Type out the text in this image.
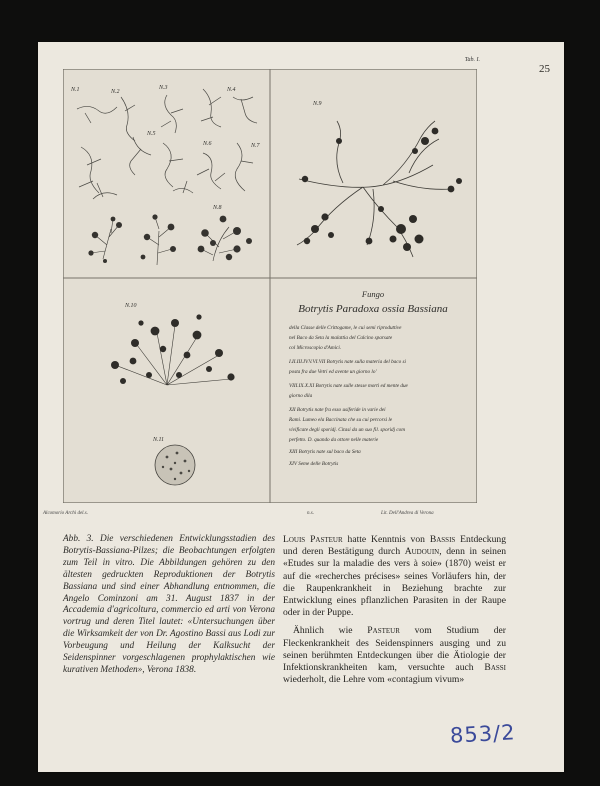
25
N.1	N.2
N.3	N.4
N.5
N.6	N.7
N.8
N.9
N.10
N.11
Fungo
Botrytis Paradoxa ossia Bassiana
della Classe delle Crittogame, le cui semi riproduttive
nel Baco da Seta la malattia del Calcino sparsate
col Microscopio d'Amici.
I.II.III.IV.V.VI.VII Botrytis nate sulla materia del baco si
posta fra due Vetri ed avente un giorno lo'
VIII.IX.X.XI Botrytis nate sulle stesse morti ed mente due
giorno dila
XII Botrytis nate fra esso usiferide in varie dei
Rami. Lumeo ela Baccinata che su cui percorsi le
vivificate degli sporidj. Citasi da un suo fil. sporidj com
perfetto. D. quando da ottore nelle materie
XIII Botrytis nate sul baco da Seta
XIV Seme delle Botrytis
Tab. I.
Alcomorio Archi del.s.	n.s.	Lit. Dell'Andrea di Verona
Abb. 3. Die verschiedenen Entwicklungsstadien des Botrytis-Bassiana-Pilzes; die Beobachtungen erfolgten zum Teil in vitro. Die Abbildungen gehören zu den ältesten gedruckten Reproduktionen der Botrytis Bassiana und sind einer Abhandlung entnommen, die Angelo Cominzoni am 31. August 1837 in der Accademia d'agricoltura, commercio ed arti von Verona vortrug und deren Titel lautet: «Untersuchungen über die Wirksamkeit der von Dr. Agostino Bassi aus Lodi zur Vorbeugung und Heilung der Kalksucht der Seidenspinner vorgeschlagenen prophylaktischen wie kurativen Methoden», Verona 1838.

Louis Pasteur hatte Kenntnis von Bassis Entdeckung und deren Bestätigung durch Audouin, denn in seinen «Etudes sur la maladie des vers à soie» (1870) weist er auf die «recherches précises» seines Vorläufers hin, der die Raupenkrankheit in Beziehung brachte zur Entwicklung eines pflanzlichen Parasiten in der Raupe oder in der Puppe.

Ähnlich wie Pasteur vom Studium der Fleckenkrankheit des Seidenspinners ausging und zu seinen berühmten Entdeckungen über die Ätiologie der Infektionskrankheiten kam, versuchte auch Bassi wiederholt, die Lehre vom «contagium vivum»

853/2
